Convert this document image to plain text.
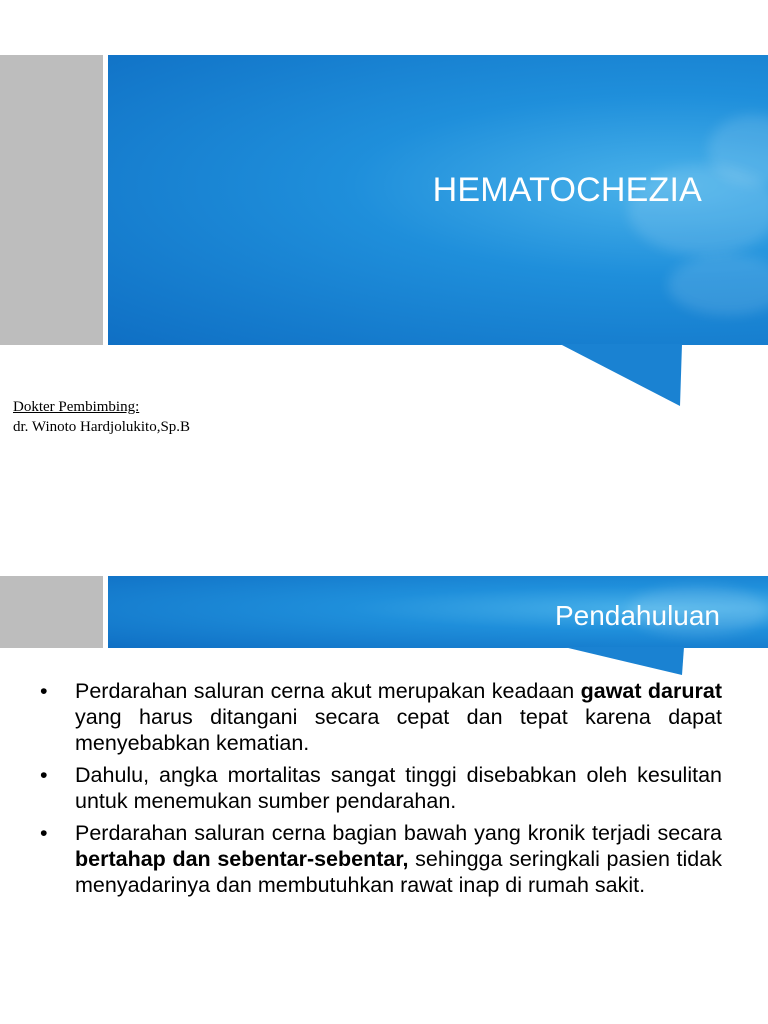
HEMATOCHEZIA
Dokter Pembimbing:
dr. Winoto Hardjolukito,Sp.B
Pendahuluan
• Perdarahan saluran cerna akut merupakan keadaan gawat darurat yang harus ditangani secara cepat dan tepat karena dapat menyebabkan kematian.
• Dahulu, angka mortalitas sangat tinggi disebabkan oleh kesulitan untuk menemukan sumber pendarahan.
• Perdarahan saluran cerna bagian bawah yang kronik terjadi secara bertahap dan sebentar-sebentar, sehingga seringkali pasien tidak menyadarinya dan membutuhkan rawat inap di rumah sakit.
